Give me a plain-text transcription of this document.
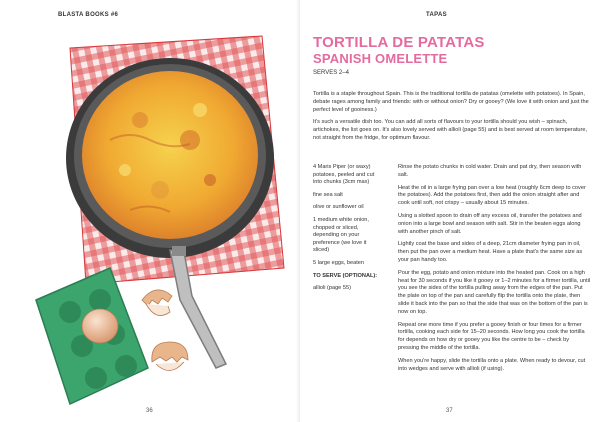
BLASTA BOOKS #6
36
TAPAS
TORTILLA DE PATATAS
SPANISH OMELETTE
SERVES 2–4

Tortilla is a staple throughout Spain. This is the traditional tortilla de patatas (omelette with potatoes). In Spain, debate rages among family and friends: with or without onion? Dry or gooey? (We love it with onion and just the perfect level of gooiness.)

It's such a versatile dish too. You can add all sorts of flavours to your tortilla should you wish – spinach, artichokes, the list goes on. It's also lovely served with allioli (page 55) and is best served at room temperature, not straight from the fridge, for optimum flavour.

4 Maris Piper (or waxy) potatoes, peeled and cut into chunks (3cm max)

fine sea salt

olive or sunflower oil

1 medium white onion, chopped or sliced, depending on your preference (we love it sliced)

5 large eggs, beaten

TO SERVE (OPTIONAL):

allioli (page 55)

Rinse the potato chunks in cold water. Drain and pat dry, then season with salt.

Heat the oil in a large frying pan over a low heat (roughly 6cm deep to cover the potatoes). Add the potatoes first, then add the onion straight after and cook until soft, not crispy – usually about 15 minutes.

Using a slotted spoon to drain off any excess oil, transfer the potatoes and onion into a large bowl and season with salt. Stir in the beaten eggs along with another pinch of salt.

Lightly coat the base and sides of a deep, 21cm diameter frying pan in oil, then put the pan over a medium heat. Have a plate that's the same size as your pan handy too.

Pour the egg, potato and onion mixture into the heated pan. Cook on a high heat for 30 seconds if you like it gooey or 1–2 minutes for a firmer tortilla, until you see the sides of the tortilla pulling away from the edges of the pan. Put the plate on top of the pan and carefully flip the tortilla onto the plate, then slide it back into the pan so that the side that was on the bottom of the pan is now on top.

Repeat one more time if you prefer a gooey finish or four times for a firmer tortilla, cooking each side for 15–20 seconds. How long you cook the tortilla for depends on how dry or gooey you like the centre to be – check by pressing the middle of the tortilla.

When you're happy, slide the tortilla onto a plate. When ready to devour, cut into wedges and serve with allioli (if using).

37
